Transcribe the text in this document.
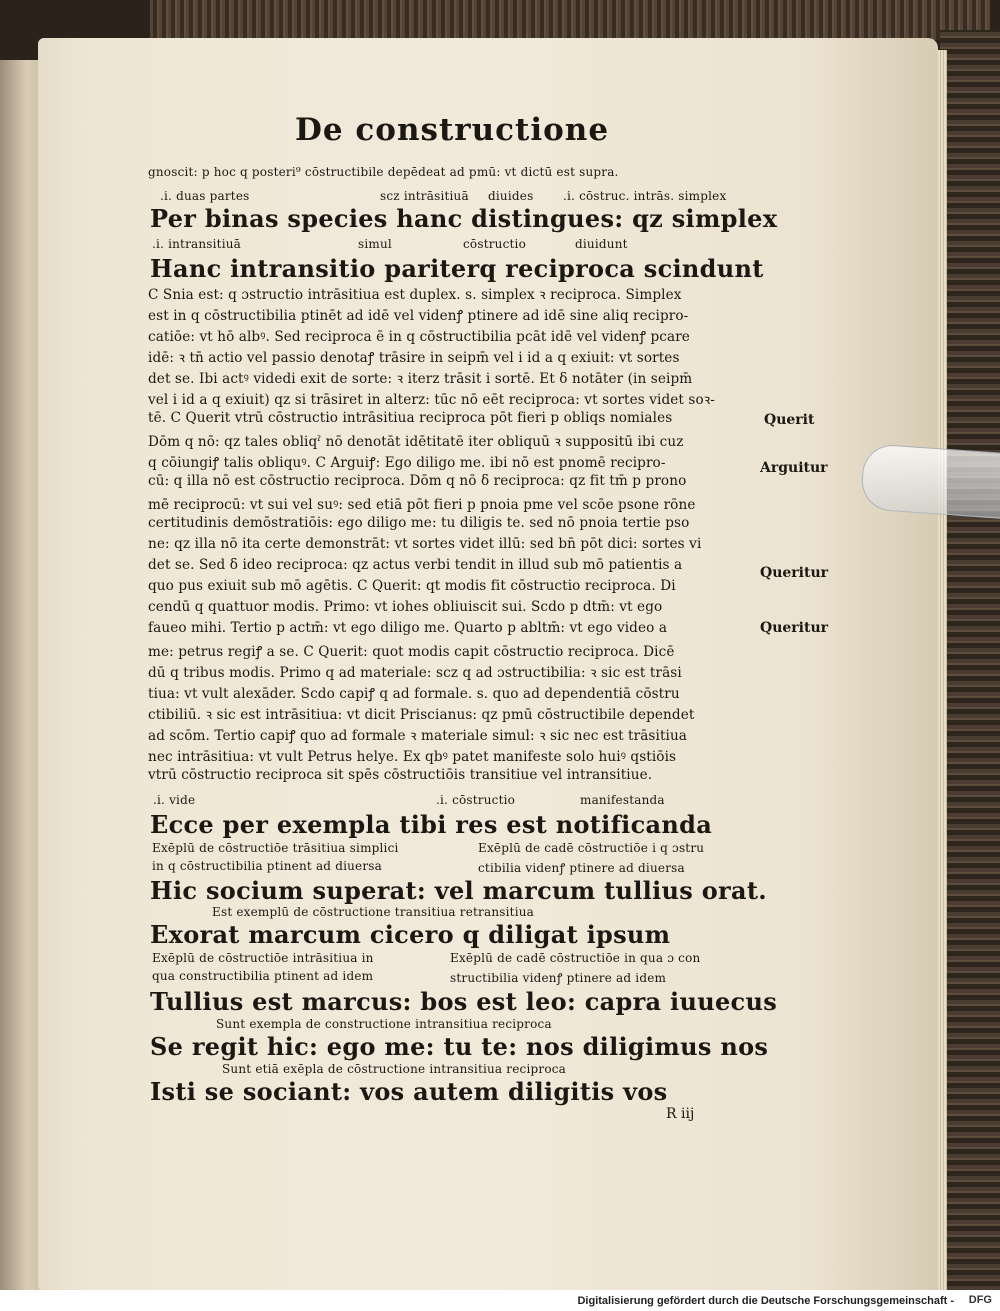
De constructione
gnoscit: p hoc q posteri⁹ cōstructibile depēdeat ad pmū: vt dictū est supra.
.i. duas partes	scz intrāsitiuā diuides .i. cōstruc. intrās. simplex
Per binas species hanc distingues: qz simplex
.i. intransitiuā	simul	cōstructio	diuidunt
Hanc intransitio pariterq reciproca scindunt
C Snia est: q ɔstructio intrāsitiua est duplex. s. simplex ꝛ reciproca. Simplex
est in q cōstructibilia ptinēt ad idē vel videnꝭ ptinere ad idē sine aliq recipro-
catiōe: vt hō albꝰ. Sed reciproca ē in q cōstructibilia pcāt idē vel videnꝭ pcare
idē: ꝛ tn̄ actio vel passio denotaꝭ trāsire in seipm̄ vel i id a q exiuit: vt sortes
det se. Ibi actꝰ videdi exit de sorte: ꝛ iterz trāsit i sortē. Et ẟ notāter (in seipm̄
vel i id a q exiuit) qz si trāsiret in alterz: tūc nō eēt reciproca: vt sortes videt soꝛ-
tē. C Querit vtrū cōstructio intrāsitiua reciproca pōt fieri p obliqs nomiales
Dōm q nō: qz tales obliqˀ nō denotāt idētitatē iter obliquū ꝛ suppositū ibi cuz
q cōiungiꝭ talis obliquꝰ. C Arguiꝭ: Ego diligo me. ibi nō est pnomē recipro-
cū: q illa nō est cōstructio reciproca. Dōm q nō ẟ reciproca: qz fit tm̄ p prono
mē reciprocū: vt sui vel suꝰ: sed etiā pōt fieri p pnoia pme vel scōe psone rōne
certitudinis demōstratiōis: ego diligo me: tu diligis te. sed nō pnoia tertie pso
ne: qz illa nō ita certe demonstrāt: vt sortes videt illū: sed bn̄ pōt dici: sortes vi
det se. Sed ẟ ideo reciproca: qz actus verbi tendit in illud sub mō patientis a
quo pus exiuit sub mō agētis. C Querit: qt modis fit cōstructio reciproca. Di
cendū q quattuor modis. Primo: vt iohes obliuiscit sui. Scdo p dtm̄: vt ego
faueo mihi. Tertio p actm̄: vt ego diligo me. Quarto p abltm̄: vt ego video a
me: petrus regiꝭ a se. C Querit: quot modis capit cōstructio reciproca. Dicē
dū q tribus modis. Primo q ad materiale: scz q ad ɔstructibilia: ꝛ sic est trāsi
tiua: vt vult alexāder. Scdo capiꝭ q ad formale. s. quo ad dependentiā cōstru
ctibiliū. ꝛ sic est intrāsitiua: vt dicit Priscianus: qz pmū cōstructibile dependet
ad scōm. Tertio capiꝭ quo ad formale ꝛ materiale simul: ꝛ sic nec est trāsitiua
nec intrāsitiua: vt vult Petrus helye. Ex qbꝰ patet manifeste solo huiꝰ qstiōis
vtrū cōstructio reciproca sit spēs cōstructiōis transitiue vel intransitiue.
.i. vide	.i. cōstructio	manifestanda
Ecce per exempla tibi res est notificanda
Exēplū de cōstructiōe trāsitiua simplici	Exēplū de cadē cōstructiōe i q ɔstru
in q cōstructibilia ptinent ad diuersa	ctibilia videnꝭ ptinere ad diuersa
Hic socium superat: vel marcum tullius orat.
Est exemplū de cōstructione transitiua retransitiua
Exorat marcum cicero q diligat ipsum
Exēplū de cōstructiōe intrāsitiua in	Exēplū de cadē cōstructiōe in qua ɔ con
qua constructibilia ptinent ad idem	structibilia videnꝭ ptinere ad idem
Tullius est marcus: bos est leo: capra iuuecus
Sunt exempla de constructione intransitiua reciproca
Se regit hic: ego me: tu te: nos diligimus nos
Sunt etiā exēpla de cōstructione intransitiua reciproca
Isti se sociant: vos autem diligitis vos
R iij
Querit
Arguitur
Queritur
Queritur
Digitalisierung gefördert durch die Deutsche Forschungsgemeinschaft - DFG
